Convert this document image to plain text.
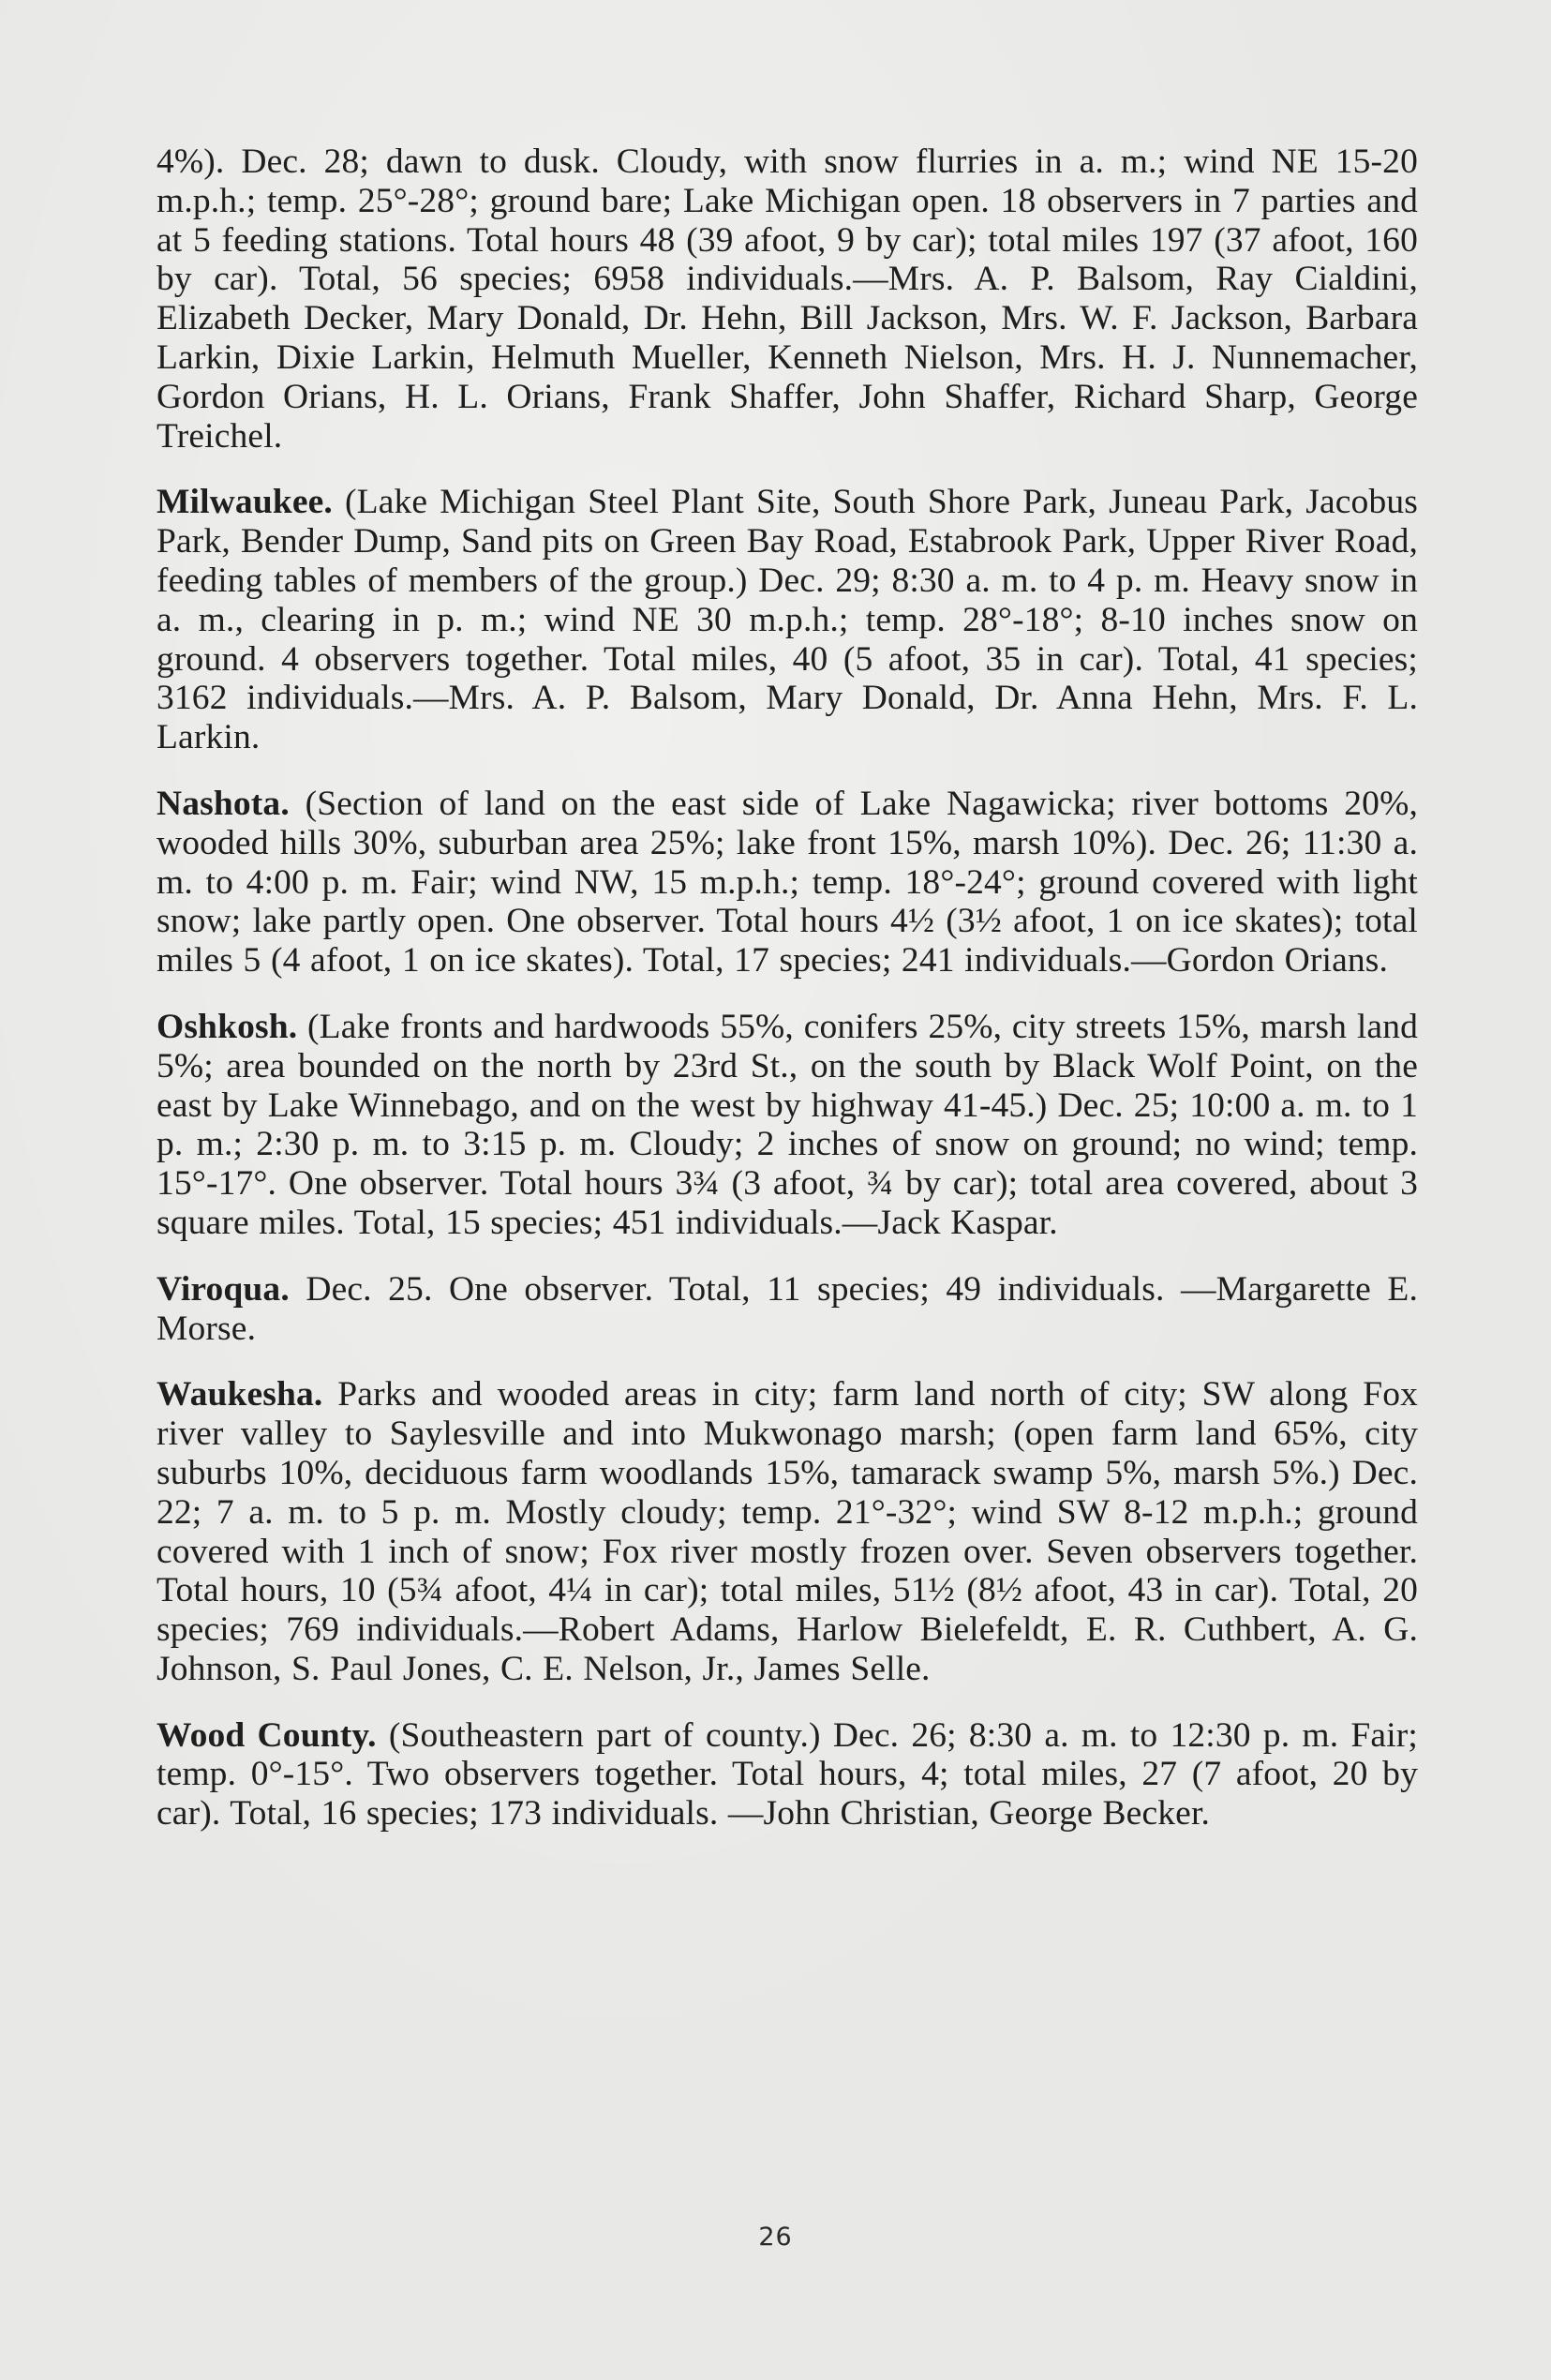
4%). Dec. 28; dawn to dusk. Cloudy, with snow flurries in a. m.; wind NE 15-20 m.p.h.; temp. 25°-28°; ground bare; Lake Michigan open. 18 observers in 7 parties and at 5 feeding stations. Total hours 48 (39 afoot, 9 by car); total miles 197 (37 afoot, 160 by car). Total, 56 species; 6958 individuals.—Mrs. A. P. Balsom, Ray Cialdini, Elizabeth Decker, Mary Donald, Dr. Hehn, Bill Jackson, Mrs. W. F. Jackson, Barbara Larkin, Dixie Larkin, Helmuth Mueller, Kenneth Nielson, Mrs. H. J. Nunnemacher, Gordon Orians, H. L. Orians, Frank Shaffer, John Shaffer, Richard Sharp, George Treichel.

Milwaukee. (Lake Michigan Steel Plant Site, South Shore Park, Juneau Park, Jacobus Park, Bender Dump, Sand pits on Green Bay Road, Estabrook Park, Upper River Road, feeding tables of members of the group.) Dec. 29; 8:30 a. m. to 4 p. m. Heavy snow in a. m., clearing in p. m.; wind NE 30 m.p.h.; temp. 28°-18°; 8-10 inches snow on ground. 4 observers together. Total miles, 40 (5 afoot, 35 in car). Total, 41 species; 3162 individuals.—Mrs. A. P. Balsom, Mary Donald, Dr. Anna Hehn, Mrs. F. L. Larkin.

Nashota. (Section of land on the east side of Lake Nagawicka; river bottoms 20%, wooded hills 30%, suburban area 25%; lake front 15%, marsh 10%). Dec. 26; 11:30 a. m. to 4:00 p. m. Fair; wind NW, 15 m.p.h.; temp. 18°-24°; ground covered with light snow; lake partly open. One observer. Total hours 4½ (3½ afoot, 1 on ice skates); total miles 5 (4 afoot, 1 on ice skates). Total, 17 species; 241 individuals.—Gordon Orians.

Oshkosh. (Lake fronts and hardwoods 55%, conifers 25%, city streets 15%, marsh land 5%; area bounded on the north by 23rd St., on the south by Black Wolf Point, on the east by Lake Winnebago, and on the west by highway 41-45.) Dec. 25; 10:00 a. m. to 1 p. m.; 2:30 p. m. to 3:15 p. m. Cloudy; 2 inches of snow on ground; no wind; temp. 15°-17°. One observer. Total hours 3¾ (3 afoot, ¾ by car); total area covered, about 3 square miles. Total, 15 species; 451 individuals.—Jack Kaspar.

Viroqua. Dec. 25. One observer. Total, 11 species; 49 individuals. —Margarette E. Morse.

Waukesha. Parks and wooded areas in city; farm land north of city; SW along Fox river valley to Saylesville and into Mukwonago marsh; (open farm land 65%, city suburbs 10%, deciduous farm woodlands 15%, tamarack swamp 5%, marsh 5%.) Dec. 22; 7 a. m. to 5 p. m. Mostly cloudy; temp. 21°-32°; wind SW 8-12 m.p.h.; ground covered with 1 inch of snow; Fox river mostly frozen over. Seven observers together. Total hours, 10 (5¾ afoot, 4¼ in car); total miles, 51½ (8½ afoot, 43 in car). Total, 20 species; 769 individuals.—Robert Adams, Harlow Bielefeldt, E. R. Cuthbert, A. G. Johnson, S. Paul Jones, C. E. Nelson, Jr., James Selle.

Wood County. (Southeastern part of county.) Dec. 26; 8:30 a. m. to 12:30 p. m. Fair; temp. 0°-15°. Two observers together. Total hours, 4; total miles, 27 (7 afoot, 20 by car). Total, 16 species; 173 individuals. —John Christian, George Becker.

26
